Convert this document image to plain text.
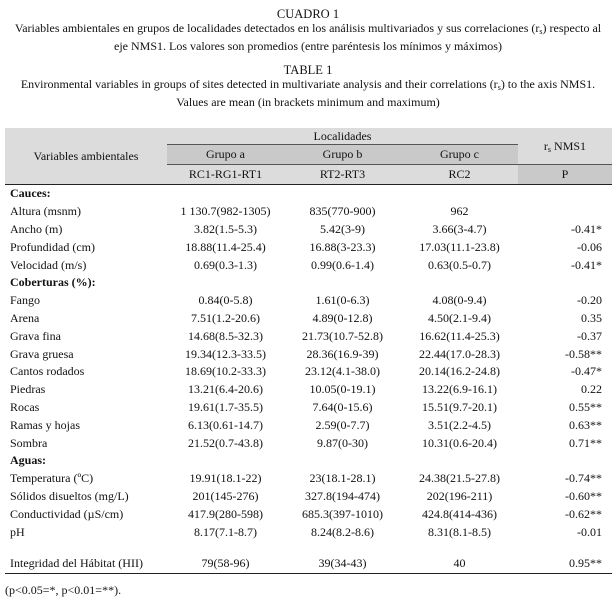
CUADRO 1
Variables ambientales en grupos de localidades detectados en los análisis multivariados y sus correlaciones $(r_s)$ respecto al
eje NMS1. Los valores son promedios (entre paréntesis los mínimos y máximos)
TABLE 1
Environmental variables in groups of sites detected in multivariate analysis and their correlations $(r_s)$ to the axis NMS1.
Values are mean (in brackets minimum and maximum)
Variables ambientales	Localidades			$r_s$ NMS1
	Grupo a	Grupo b	Grupo c	
	RC1-RG1-RT1	RT2-RT3	RC2	P
Cauces:				
Altura (msnm)	1 130.7(982-1305)	835(770-900)	962	
Ancho (m)	3.82(1.5-5.3)	5.42(3-9)	3.66(3-4.7)	-0.41*
Profundidad (cm)	18.88(11.4-25.4)	16.88(3-23.3)	17.03(11.1-23.8)	-0.06
Velocidad (m/s)	0.69(0.3-1.3)	0.99(0.6-1.4)	0.63(0.5-0.7)	-0.41*
Coberturas (%):				
Fango	0.84(0-5.8)	1.61(0-6.3)	4.08(0-9.4)	-0.20
Arena	7.51(1.2-20.6)	4.89(0-12.8)	4.50(2.1-9.4)	0.35
Grava fina	14.68(8.5-32.3)	21.73(10.7-52.8)	16.62(11.4-25.3)	-0.37
Grava gruesa	19.34(12.3-33.5)	28.36(16.9-39)	22.44(17.0-28.3)	-0.58**
Cantos rodados	18.69(10.2-33.3)	23.12(4.1-38.0)	20.14(16.2-24.8)	-0.47*
Piedras	13.21(6.4-20.6)	10.05(0-19.1)	13.22(6.9-16.1)	0.22
Rocas	19.61(1.7-35.5)	7.64(0-15.6)	15.51(9.7-20.1)	0.55**
Ramas y hojas	6.13(0.61-14.7)	2.59(0-7.7)	3.51(2.2-4.5)	0.63**
Sombra	21.52(0.7-43.8)	9.87(0-30)	10.31(0.6-20.4)	0.71**
Aguas:				
Temperatura (ºC)	19.91(18.1-22)	23(18.1-28.1)	24.38(21.5-27.8)	-0.74**
Sólidos disueltos (mg/L)	201(145-276)	327.8(194-474)	202(196-211)	-0.60**
Conductividad (µS/cm)	417.9(280-598)	685.3(397-1010)	424.8(414-436)	-0.62**
pH	8.17(7.1-8.7)	8.24(8.2-8.6)	8.31(8.1-8.5)	-0.01

Integridad del Hábitat (HII)	79(58-96)	39(34-43)	40	0.95**
(p<0.05=*, p<0.01=**).
